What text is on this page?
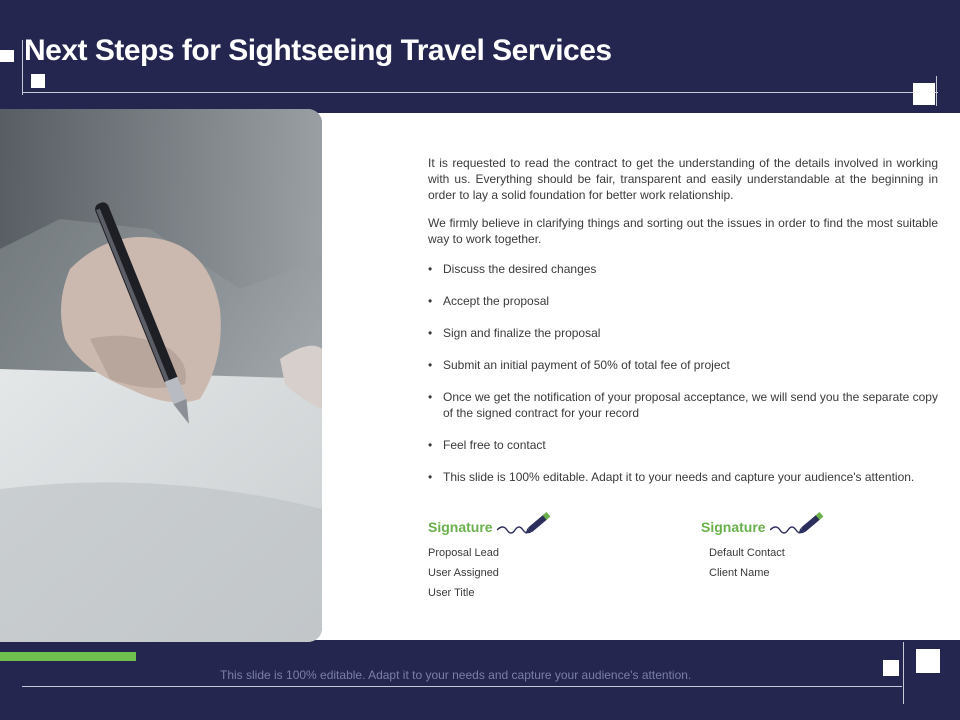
Next Steps for Sightseeing Travel Services

It is requested to read the contract to get the understanding of the details involved in working with us. Everything should be fair, transparent and easily understandable at the beginning in order to lay a solid foundation for better work relationship.

We firmly believe in clarifying things and sorting out the issues in order to find the most suitable way to work together.

• Discuss the desired changes
• Accept the proposal
• Sign and finalize the proposal
• Submit an initial payment of 50% of total fee of project
• Once we get the notification of your proposal acceptance, we will send you the separate copy of the signed contract for your record
• Feel free to contact
• This slide is 100% editable. Adapt it to your needs and capture your audience's attention.
Signature
Proposal Lead
User Assigned
User Title
Signature
Default Contact
Client Name
This slide is 100% editable. Adapt it to your needs and capture your audience's attention.
